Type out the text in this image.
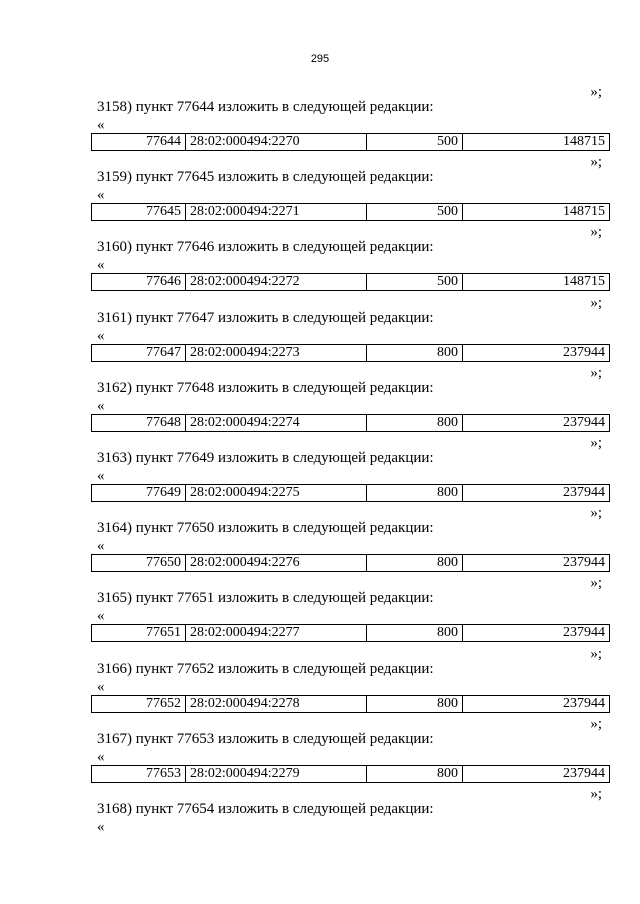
295
»;
3158) пункт 77644 изложить в следующей редакции:
«
77644	28:02:000494:2270	500	148715
»;
3159) пункт 77645 изложить в следующей редакции:
«
77645	28:02:000494:2271	500	148715
»;
3160) пункт 77646 изложить в следующей редакции:
«
77646	28:02:000494:2272	500	148715
»;
3161) пункт 77647 изложить в следующей редакции:
«
77647	28:02:000494:2273	800	237944
»;
3162) пункт 77648 изложить в следующей редакции:
«
77648	28:02:000494:2274	800	237944
»;
3163) пункт 77649 изложить в следующей редакции:
«
77649	28:02:000494:2275	800	237944
»;
3164) пункт 77650 изложить в следующей редакции:
«
77650	28:02:000494:2276	800	237944
»;
3165) пункт 77651 изложить в следующей редакции:
«
77651	28:02:000494:2277	800	237944
»;
3166) пункт 77652 изложить в следующей редакции:
«
77652	28:02:000494:2278	800	237944
»;
3167) пункт 77653 изложить в следующей редакции:
«
77653	28:02:000494:2279	800	237944
»;
3168) пункт 77654 изложить в следующей редакции:
«
